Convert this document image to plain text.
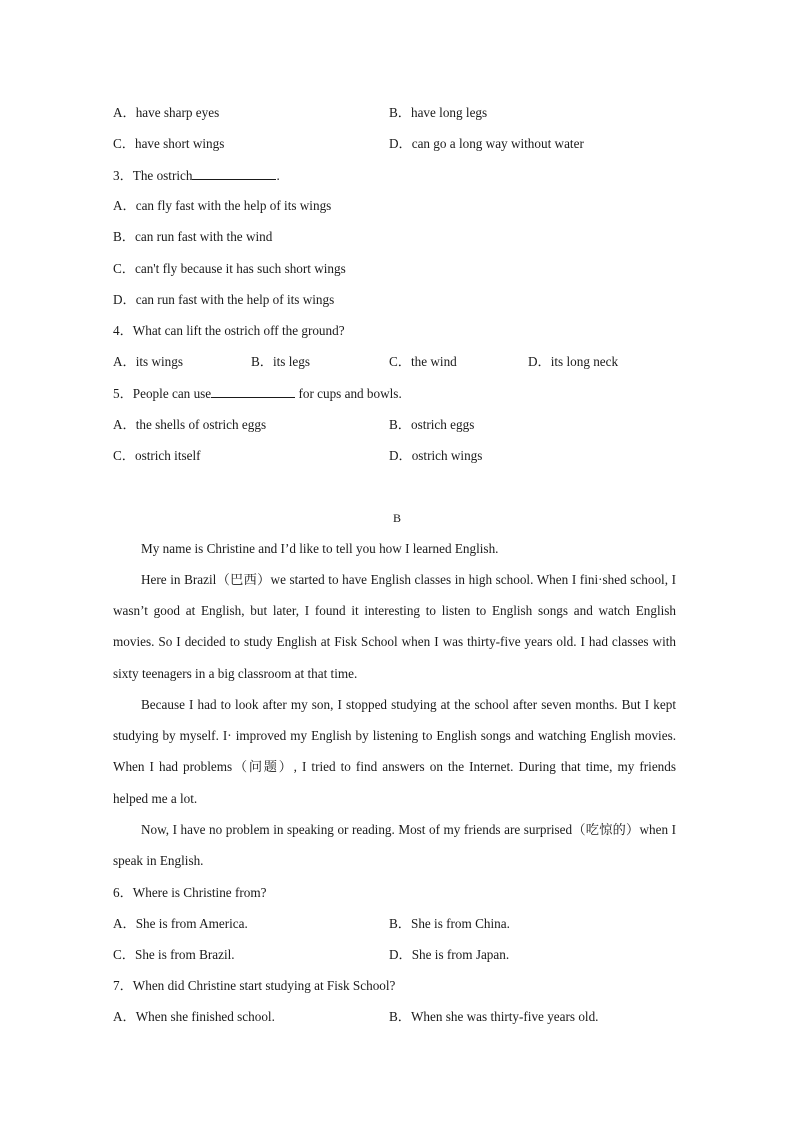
A．have sharp eyes	B．have long legs
C．have short wings	D．can go a long way without water
3．The ostrich	.
A．can fly fast with the help of its wings
B．can run fast with the wind
C．can't fly because it has such short wings
D．can run fast with the help of its wings
4．What can lift the ostrich off the ground?
A．its wings	B．its legs	C．the wind	D．its long neck
5．People can use	for cups and bowls.
A．the shells of ostrich eggs	B．ostrich eggs
C．ostrich itself	D．ostrich wings
B
My name is Christine and I’d like to tell you how I learned English.
Here in Brazil（巴西）we started to have English classes in high school. When I fini·shed school, I wasn’t good at English, but later, I found it interesting to listen to English songs and watch English movies. So I decided to study English at Fisk School when I was thirty-five years old. I had classes with sixty teenagers in a big classroom at that time.
Because I had to look after my son, I stopped studying at the school after seven months. But I kept studying by myself. I· improved my English by listening to English songs and watching English movies. When I had problems（问题）, I tried to find answers on the Internet. During that time, my friends helped me a lot.
Now, I have no problem in speaking or reading. Most of my friends are surprised（吃惊的）when I speak in English.
6．Where is Christine from?
A．She is from America.	B．She is from China.
C．She is from Brazil.	D．She is from Japan.
7．When did Christine start studying at Fisk School?
A．When she finished school.	B．When she was thirty-five years old.
